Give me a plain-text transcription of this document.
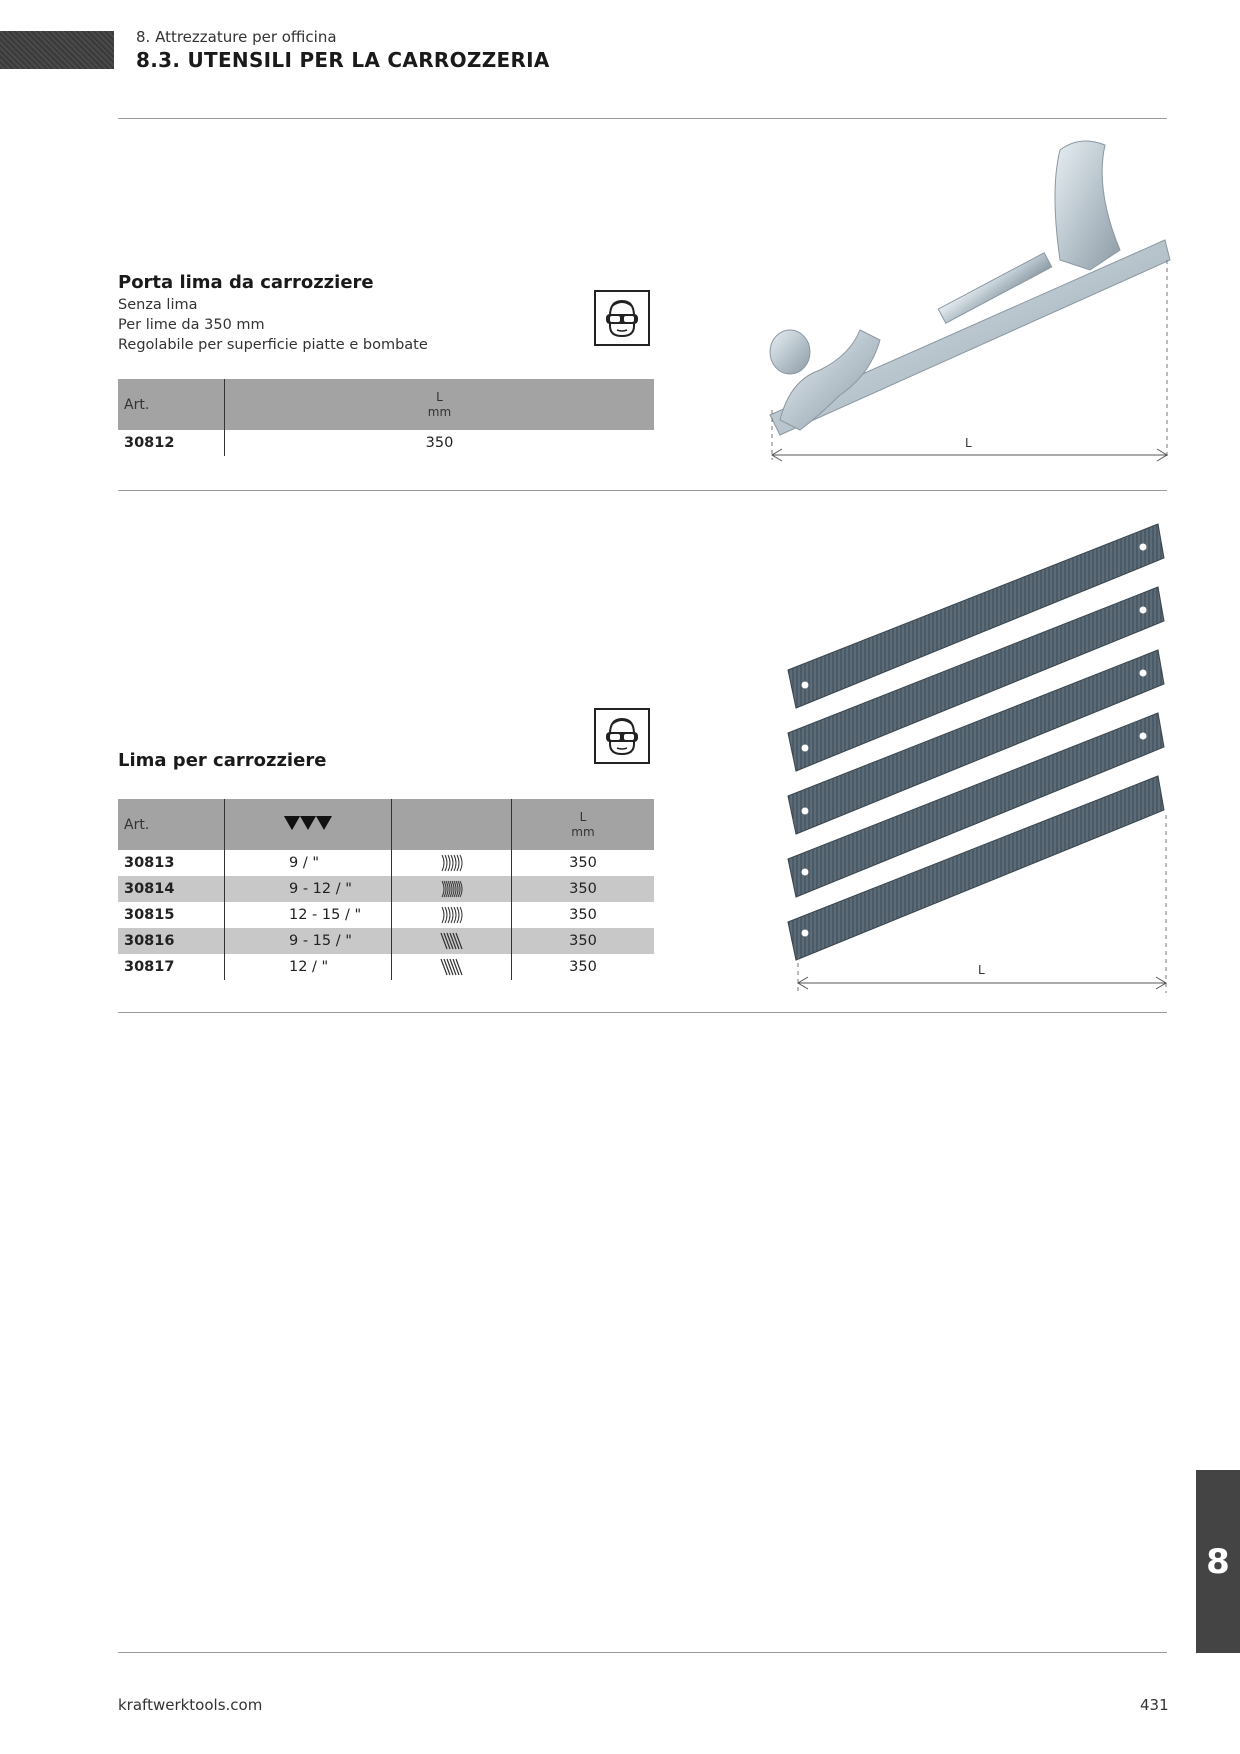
8. Attrezzature per officina
8.3. UTENSILI PER LA CARROZZERIA
Porta lima da carrozziere
Senza lima
Per lime da 350 mm
Regolabile per superficie piatte e bombate
Art.	L
mm

30812	350	L
Lima per carrozziere
Art.			L
mm

30813	9 / "		350
30814	9 - 12 / "		350
30815	12 - 15 / "		350
30816	9 - 15 / "		350
30817	12 / "		350	L
8
kraftwerktools.com	431
